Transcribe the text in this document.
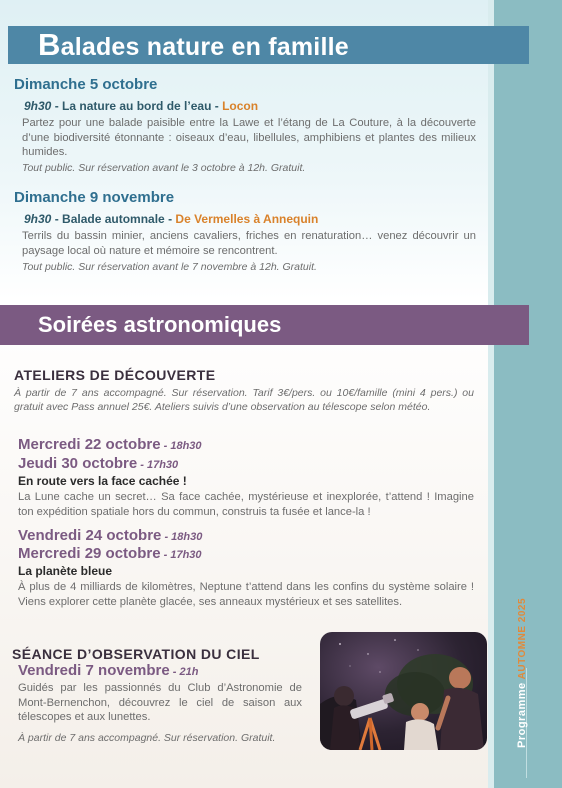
ProgrammeAUTOMNE 2025
Balades nature en famille
Dimanche 5 octobre
9h30 - La nature au bord de l’eau - Locon
Partez pour une balade paisible entre la Lawe et l’étang de La Couture, à la découverte d’une biodiversité étonnante : oiseaux d’eau, libellules, amphibiens et plantes des milieux humides.
Tout public. Sur réservation avant le 3 octobre à 12h. Gratuit.
Dimanche 9 novembre
9h30 - Balade automnale - De Vermelles à Annequin
Terrils du bassin minier, anciens cavaliers, friches en renaturation… venez découvrir un paysage local où nature et mémoire se rencontrent.
Tout public. Sur réservation avant le 7 novembre à 12h. Gratuit.
Soirées astronomiques
ATELIERS DE DÉCOUVERTE
À partir de 7 ans accompagné. Sur réservation. Tarif 3€/pers. ou 10€/famille (mini 4 pers.) ou gratuit avec Pass annuel 25€. Ateliers suivis d’une observation au télescope selon météo.
Mercredi 22 octobre - 18h30
Jeudi 30 octobre - 17h30
En route vers la face cachée !
La Lune cache un secret… Sa face cachée, mystérieuse et inexplorée, t’attend ! Imagine ton expédition spatiale hors du commun, construis ta fusée et lance-la !
Vendredi 24 octobre - 18h30
Mercredi 29 octobre - 17h30
La planète bleue
À plus de 4 milliards de kilomètres, Neptune t’attend dans les confins du système solaire ! Viens explorer cette planète glacée, ses anneaux mystérieux et ses satellites.
SÉANCE D’OBSERVATION DU CIEL
Vendredi 7 novembre - 21h
Guidés par les passionnés du Club d’Astronomie de Mont-Bernenchon, découvrez le ciel de saison aux télescopes et aux lunettes.
À partir de 7 ans accompagné. Sur réservation. Gratuit.
